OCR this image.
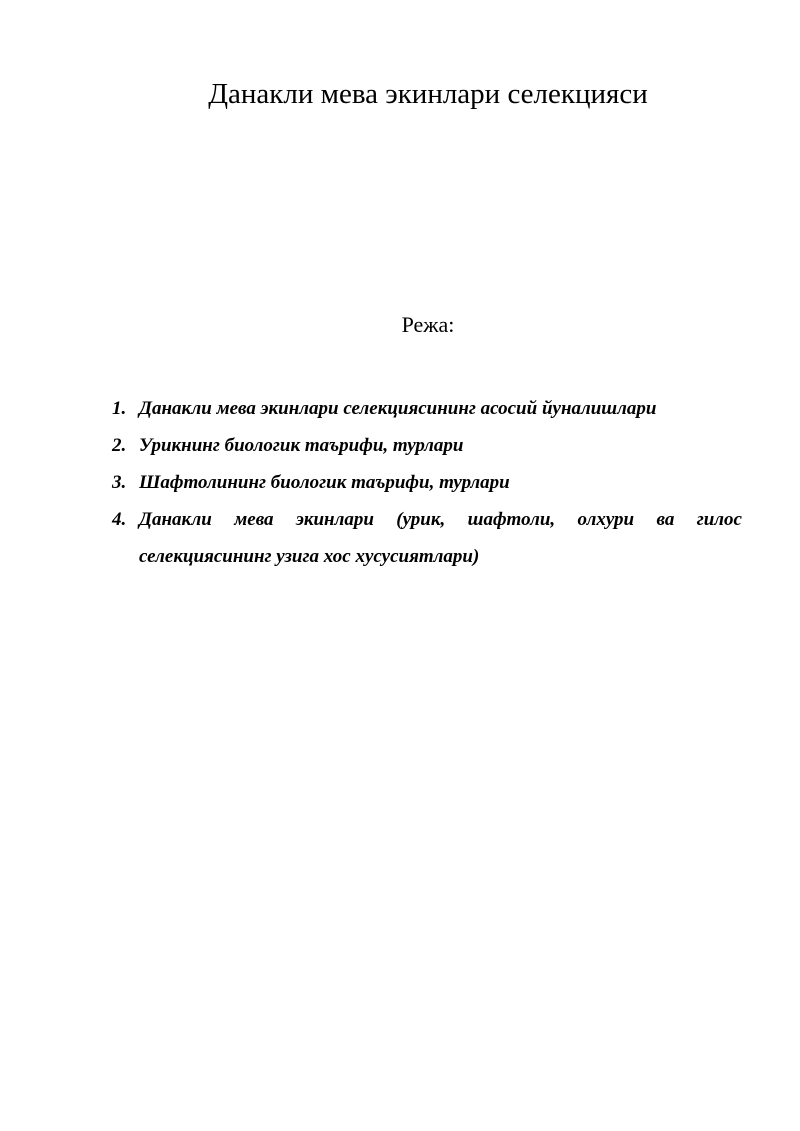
Данакли мева экинлари селекцияси
Режа:
1. Данакли мева экинлари селекциясининг асосий йуналишлари
2. Урикнинг биологик таърифи, турлари
3. Шафтолининг биологик таърифи, турлари
4. Данакли мева экинлари (урик, шафтоли, олхури ва гилос селекциясининг узига хос хусусиятлари)
